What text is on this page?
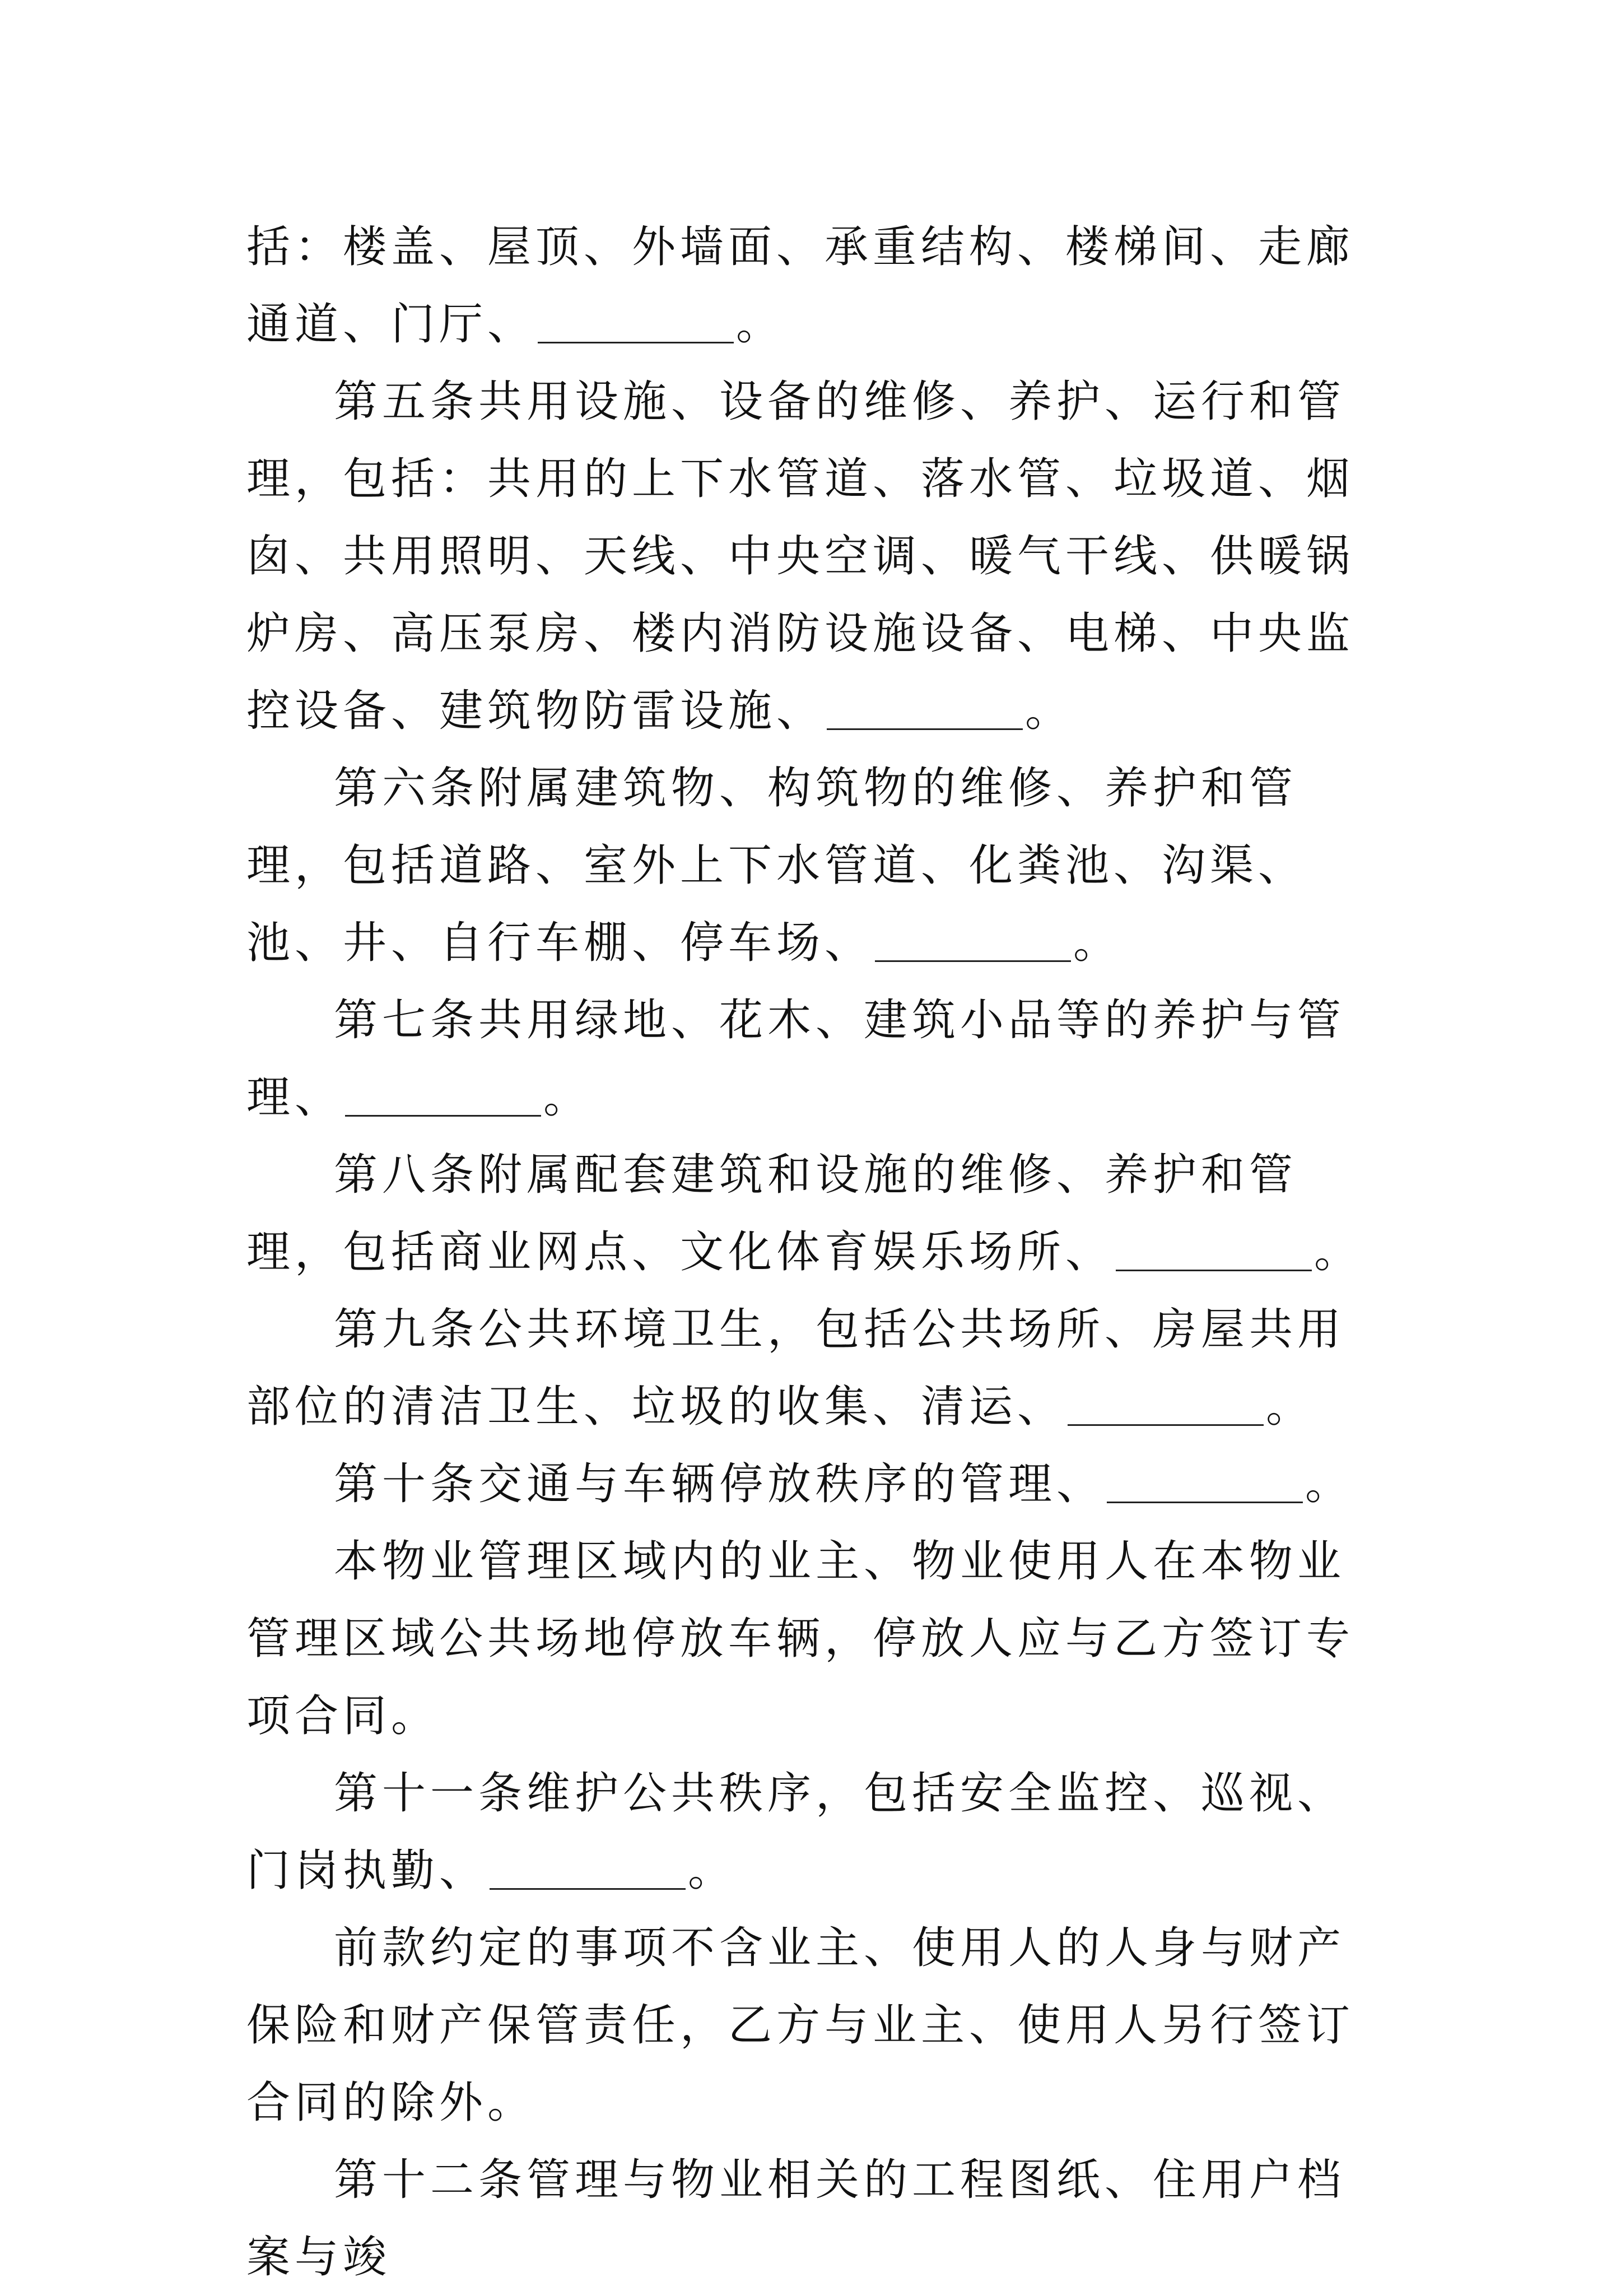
括：楼盖、屋顶、外墙面、承重结构、楼梯间、走廊通道、门厅、	。

第五条共用设施、设备的维修、养护、运行和管理，包括：共用的上下水管道、落水管、垃圾道、烟囱、共用照明、天线、中央空调、暖气干线、供暖锅炉房、高压泵房、楼内消防设施设备、电梯、中央监控设备、建筑物防雷设施、	。

第六条附属建筑物、构筑物的维修、养护和管理，包括道路、室外上下水管道、化粪池、沟渠、池、井、自行车棚、停车场、	。

第七条共用绿地、花木、建筑小品等的养护与管理、	。

第八条附属配套建筑和设施的维修、养护和管理，包括商业网点、文化体育娱乐场所、	。

第九条公共环境卫生，包括公共场所、房屋共用部位的清洁卫生、垃圾的收集、清运、	。

第十条交通与车辆停放秩序的管理、	。

本物业管理区域内的业主、物业使用人在本物业管理区域公共场地停放车辆，停放人应与乙方签订专项合同。

第十一条维护公共秩序，包括安全监控、巡视、门岗执勤、	。

前款约定的事项不含业主、使用人的人身与财产保险和财产保管责任，乙方与业主、使用人另行签订合同的除外。

第十二条管理与物业相关的工程图纸、住用户档案与竣
